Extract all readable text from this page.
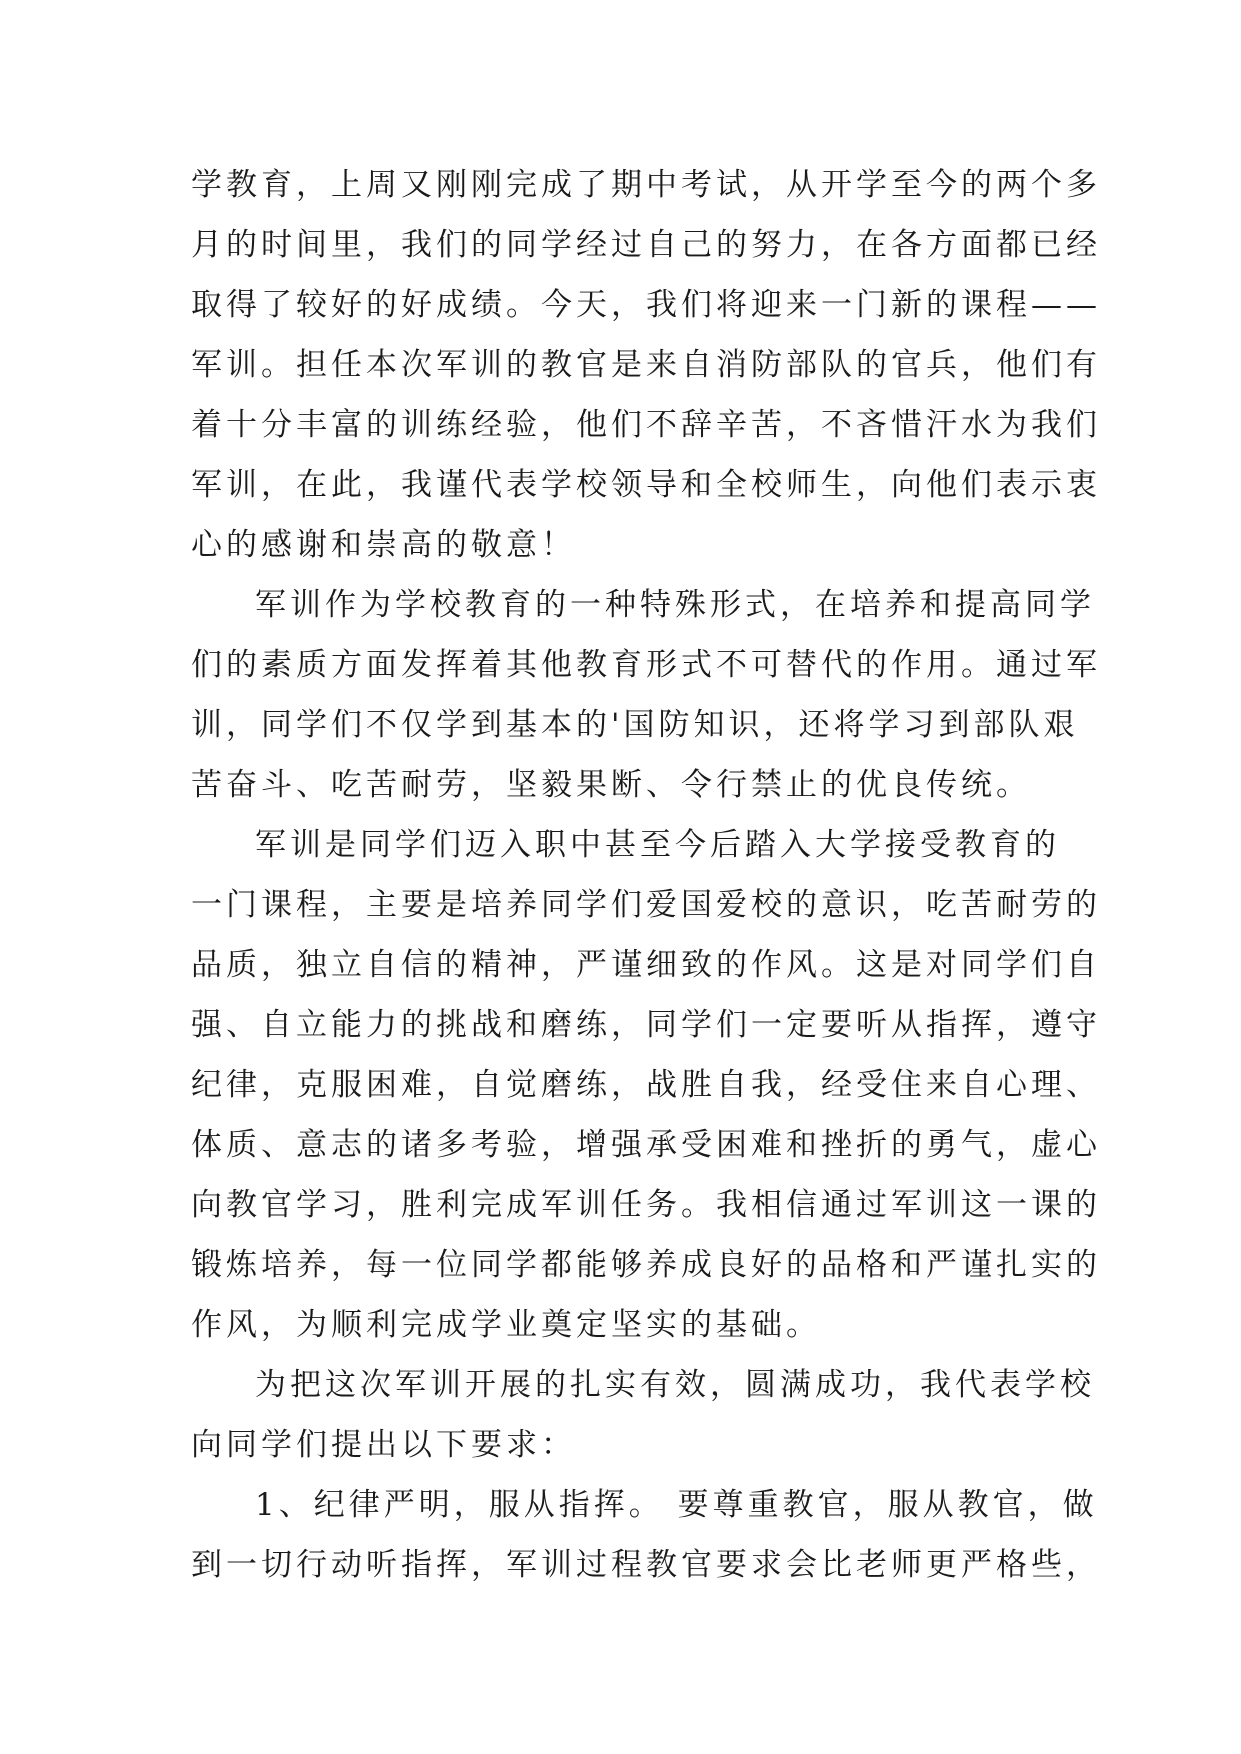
学教育，上周又刚刚完成了期中考试，从开学至今的两个多
月的时间里，我们的同学经过自己的努力，在各方面都已经
取得了较好的好成绩。今天，我们将迎来一门新的课程——
军训。担任本次军训的教官是来自消防部队的官兵，他们有
着十分丰富的训练经验，他们不辞辛苦，不吝惜汗水为我们
军训，在此，我谨代表学校领导和全校师生，向他们表示衷
心的感谢和崇高的敬意！
军训作为学校教育的一种特殊形式，在培养和提高同学
们的素质方面发挥着其他教育形式不可替代的作用。通过军
训，同学们不仅学到基本的'国防知识，还将学习到部队艰
苦奋斗、吃苦耐劳，坚毅果断、令行禁止的优良传统。
军训是同学们迈入职中甚至今后踏入大学接受教育的
一门课程，主要是培养同学们爱国爱校的意识，吃苦耐劳的
品质，独立自信的精神，严谨细致的作风。这是对同学们自
强、自立能力的挑战和磨练，同学们一定要听从指挥，遵守
纪律，克服困难，自觉磨练，战胜自我，经受住来自心理、
体质、意志的诸多考验，增强承受困难和挫折的勇气，虚心
向教官学习，胜利完成军训任务。我相信通过军训这一课的
锻炼培养，每一位同学都能够养成良好的品格和严谨扎实的
作风，为顺利完成学业奠定坚实的基础。
为把这次军训开展的扎实有效，圆满成功，我代表学校
向同学们提出以下要求：
1、纪律严明，服从指挥。 要尊重教官，服从教官，做
到一切行动听指挥，军训过程教官要求会比老师更严格些，
